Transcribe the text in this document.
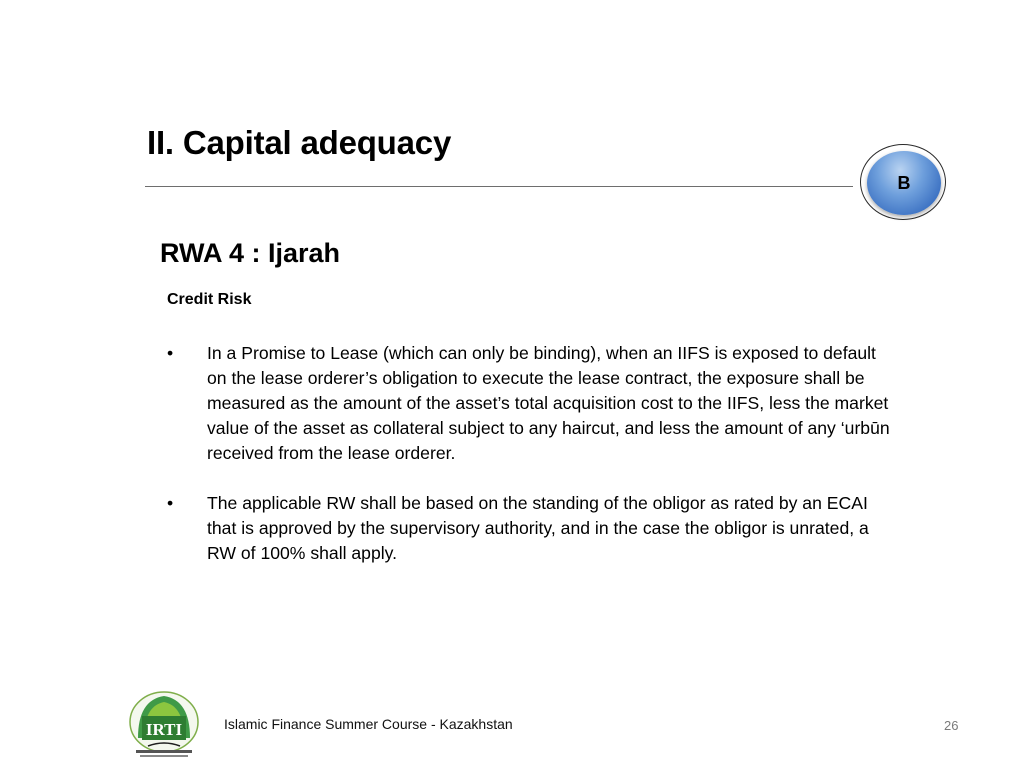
II. Capital adequacy
B
RWA 4 : Ijarah
Credit Risk
•	In a Promise to Lease (which can only be binding), when an IIFS is exposed to default on the lease orderer’s obligation to execute the lease contract, the exposure shall be measured as the amount of the asset’s total acquisition cost to the IIFS, less the market value of the asset as collateral subject to any haircut, and less the amount of any ‘urbūn received from the lease orderer.
•	The applicable RW shall be based on the standing of the obligor as rated by an ECAI that is approved by the supervisory authority, and in the case the obligor is unrated, a RW of 100% shall apply.
IRTI	Islamic Finance Summer Course - Kazakhstan	26
